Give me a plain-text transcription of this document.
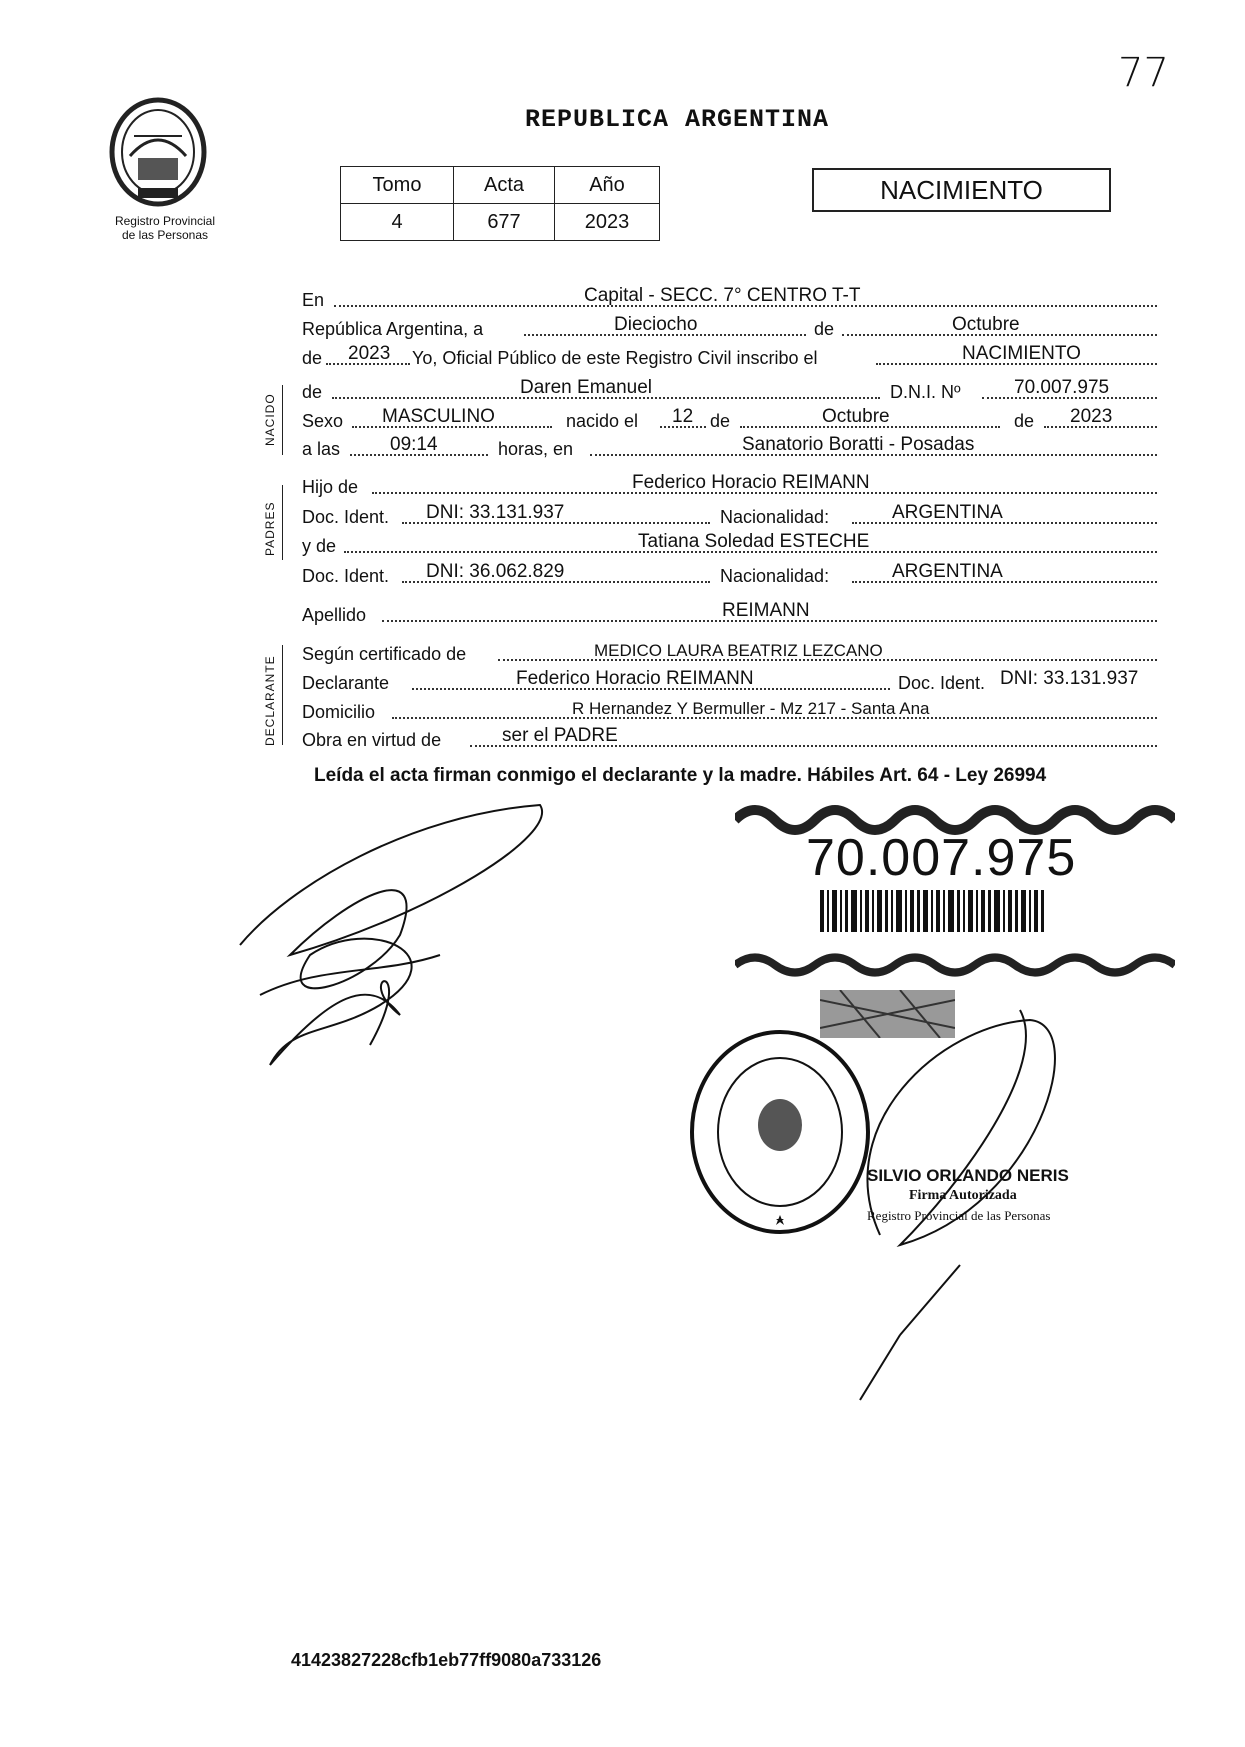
77
Registro Provincial
de las Personas
REPUBLICA ARGENTINA
Tomo	Acta	Año
4	677	2023
NACIMIENTO
NACIDO
PADRES
DECLARANTE
En	Capital - SECC. 7° CENTRO T-T
República Argentina, a	Dieciocho	de	Octubre
de 2023 Yo, Oficial Público de este Registro Civil inscribo el	NACIMIENTO
de	Daren Emanuel	D.N.I. Nº	70.007.975
Sexo MASCULINO	nacido el 12 de	Octubre	de 2023
a las	09:14	horas, en	Sanatorio Boratti - Posadas
Hijo de	Federico Horacio REIMANN
Doc. Ident. DNI: 33.131.937	Nacionalidad:	ARGENTINA
y de	Tatiana Soledad ESTECHE
Doc. Ident. DNI: 36.062.829	Nacionalidad:	ARGENTINA
Apellido	REIMANN
Según certificado de	MEDICO LAURA BEATRIZ LEZCANO
Declarante	Federico Horacio REIMANN	Doc. Ident. DNI: 33.131.937
Domicilio	R Hernandez Y Bermuller - Mz 217 - Santa Ana
Obra en virtud de	ser el PADRE
Leída el acta firman conmigo el declarante y la madre. Hábiles Art. 64 - Ley 26994
70.007.975
SILVIO ORLANDO NERIS
Firma Autorizada
Registro Provincial de las Personas
41423827228cfb1eb77ff9080a733126
